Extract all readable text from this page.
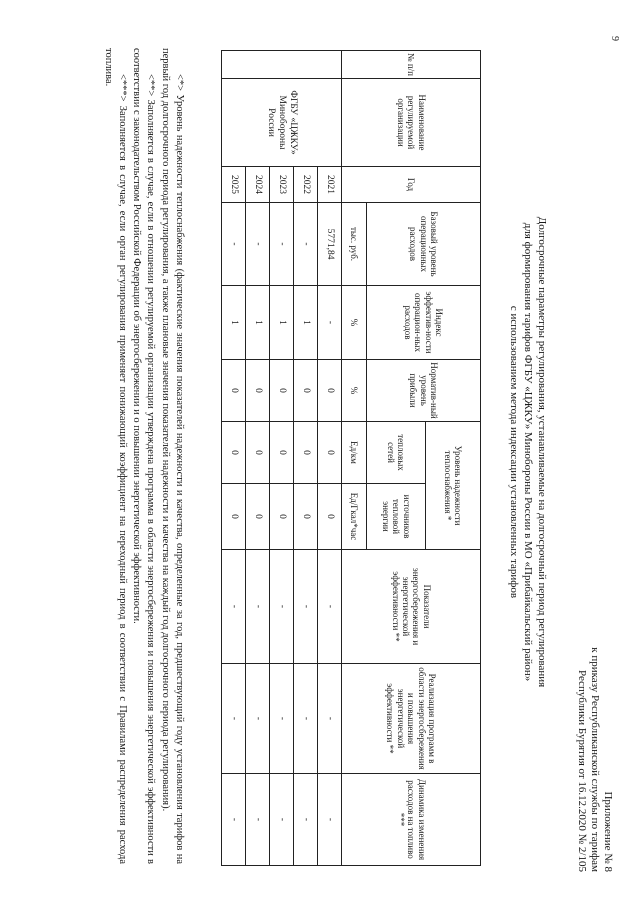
9
Приложение № 8
к приказу Республиканской службы по тарифам
Республики Бурятия от 16.12.2020 № 2/105
Долгосрочные параметры регулирования, устанавливаемые на долгосрочный период регулирования
для формирования тарифов ФГБУ «ЦЖКУ» Минобороны России в МО «Прибайкальский район»
с использованием метода индексации установленных тарифов
№ п/п	Наименование регулируемой организации	Год	Базовый уровень операционных расходов	Индекс эффектив-ности операцион-ных расходов	Норматив-ный уровень прибыли	Уровень надежности теплоснабжения *		Показатели энергосбережения и энергетической эффективности **	Реализация программ в области энергосбережения и повышения энергетической эффективности **	Динамика изменения расходов на топливо ***
						тепловых сетей	источников тепловой энергии			
			тыс. руб.	%	%	Ед/км	Ед/Гкал*час			
	ФГБУ «ЦЖКУ» Минобороны России	2021	5771,84	-	0	0	0	-	-	-
		2022	-	1	0	0	0	-	-	-
		2023	-	1	0	0	0	-	-	-
		2024	-	1	0	0	0	-	-	-
		2025	-	1	0	0	0	-	-	-

<*> Уровень надежности теплоснабжения (фактические значения показателей надежности и качества, определенные за год, предшествующий году установления тарифов на первый год долгосрочного периода регулирования, а также плановые значения показателей надежности и качества на каждый год долгосрочного периода регулирования).

<**> Заполняется в случае, если в отношении регулируемой организации утверждена программа в области энергосбережения и повышения энергетической эффективности в соответствии с законодательством Российской Федерации об энергосбережении и о повышении энергетической эффективности.

<***> Заполняется в случае, если орган регулирования применяет понижающий коэффициент на переходный период в соответствии с Правилами распределения расхода топлива.
